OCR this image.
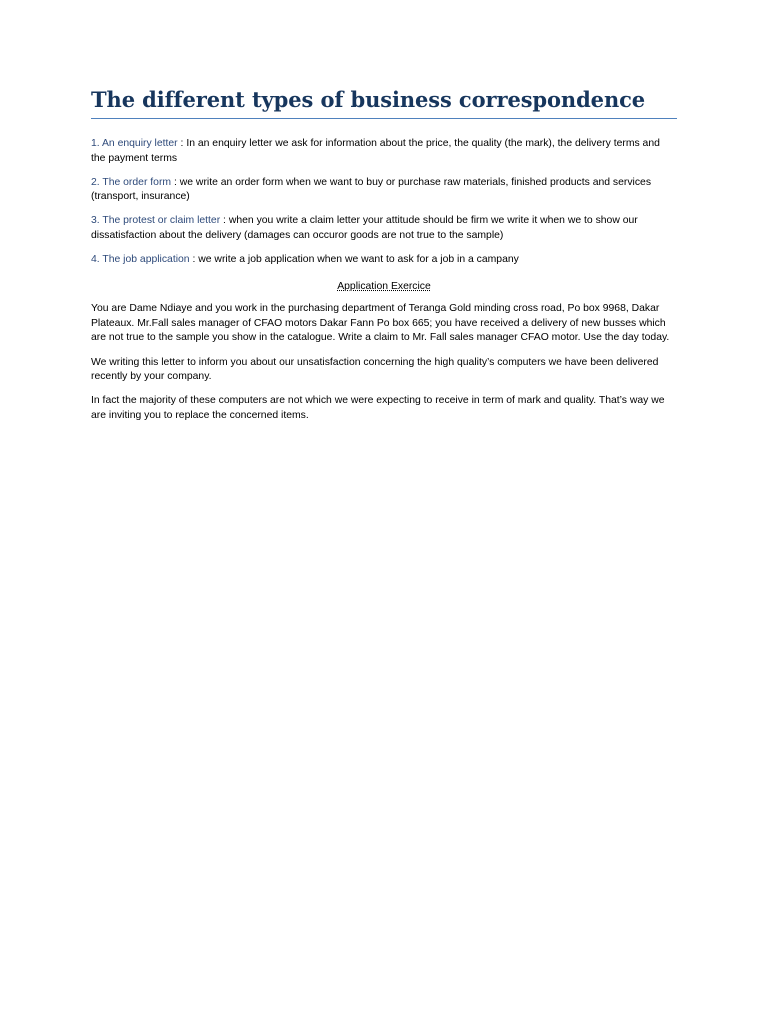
The different types of business correspondence

1. An enquiry letter : In an enquiry letter we ask for information about the price, the quality (the mark), the delivery terms and the payment terms

2. The order form : we write an order form when we want to buy or purchase raw materials, finished products and services (transport, insurance)

3. The protest or claim letter : when you write a claim letter your attitude should be firm we write it when we to show our dissatisfaction about the delivery (damages can occuror goods are not true to the sample)

4. The job application : we write a job application when we want to ask for a job in a campany

Application Exercice

You are Dame Ndiaye and you work in the purchasing department of Teranga Gold minding cross road, Po box 9968, Dakar Plateaux. Mr.Fall sales manager of CFAO motors Dakar Fann Po box 665; you have received a delivery of new busses which are not true to the sample you show in the catalogue. Write a claim to Mr. Fall sales manager CFAO motor. Use the day today.

We writing this letter to inform you about our unsatisfaction concerning the high quality’s computers we have been delivered recently by your company.

In fact the majority of these computers are not which we were expecting to receive in term of mark and quality. That’s way we are inviting you to replace the concerned items.
